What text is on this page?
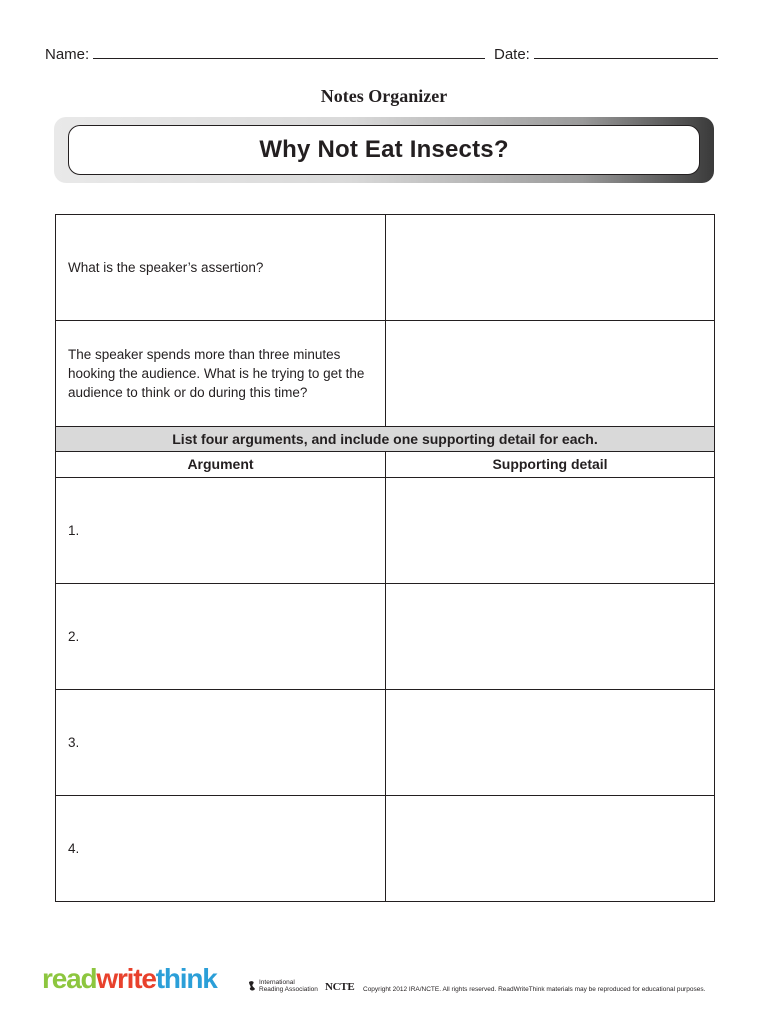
Name:	Date:
Notes Organizer
Why Not Eat Insects?
What is the speaker’s assertion?	
The speaker spends more than three minutes hooking the audience. What is he trying to get the audience to think or do during this time?	
List four arguments, and include one supporting detail for each.	
Argument	Supporting detail
1.	
2.	
3.	
4.	
readwritethink	International
Reading Association NCTE Copyright 2012 IRA/NCTE. All rights reserved. ReadWriteThink materials may be reproduced for educational purposes.
